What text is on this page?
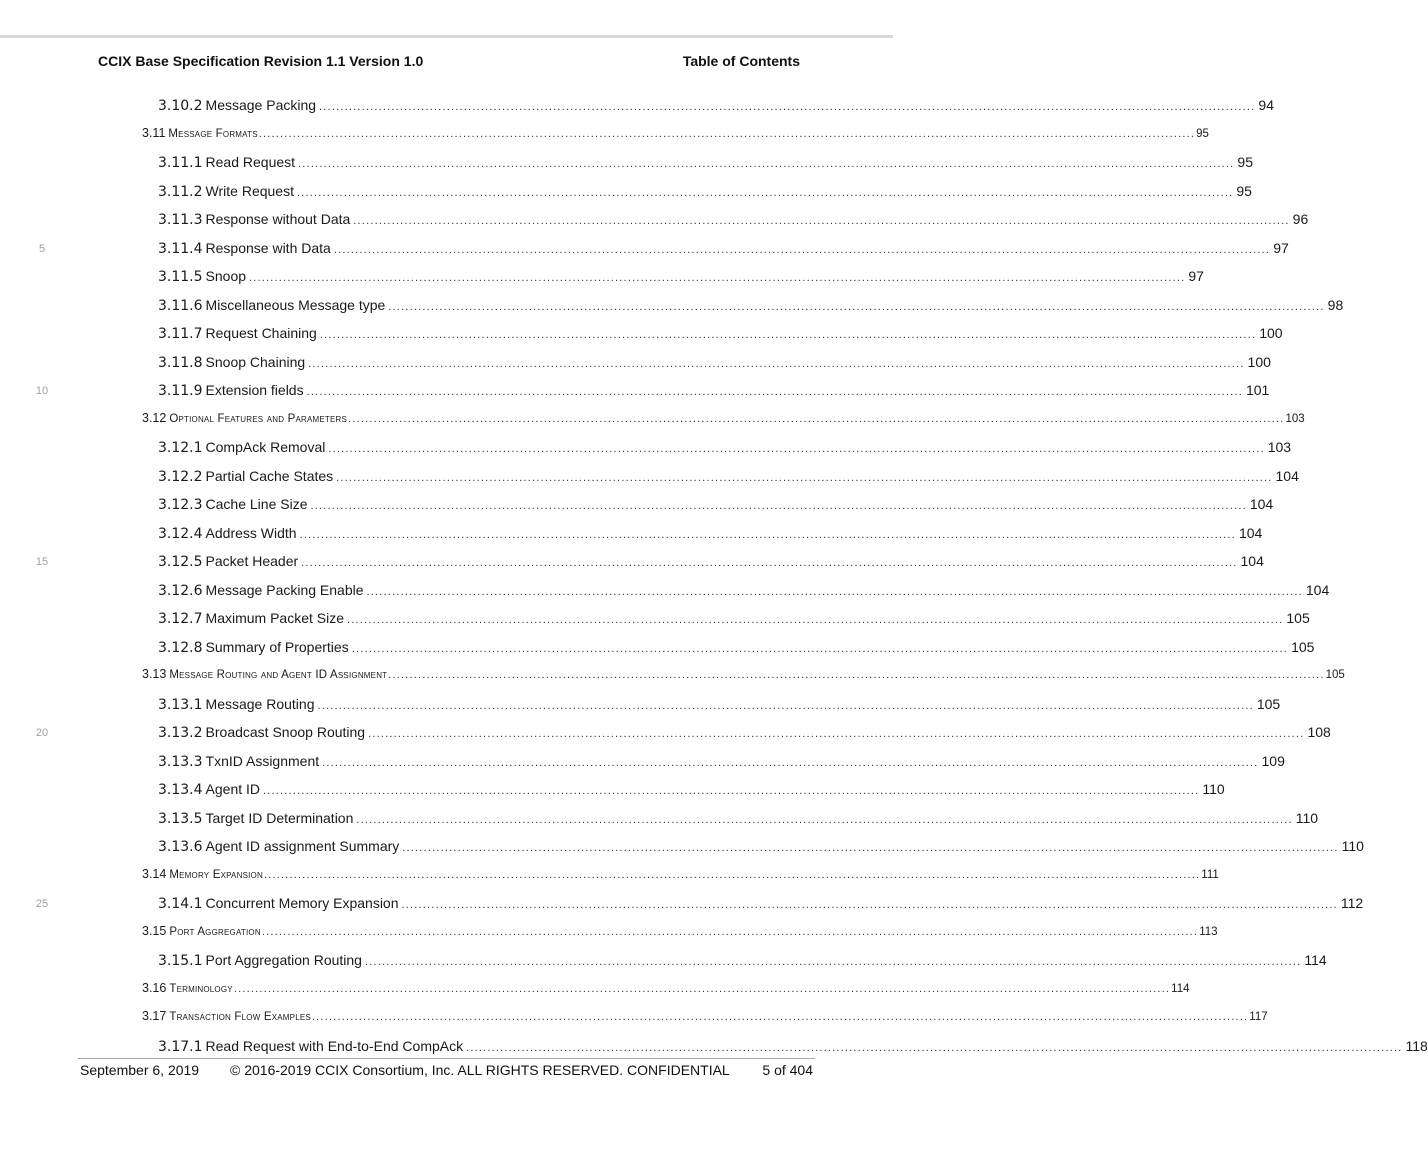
CCIX Base Specification Revision 1.1 Version 1.0	Table of Contents
3.10.2 Message Packing ............................................................................................................................................................................................................................ 94
3.11 Message Formats ............................................................................................................................................................................................................................ 95
3.11.1 Read Request ............................................................................................................................................................................................................................ 95
3.11.2 Write Request ............................................................................................................................................................................................................................ 95
3.11.3 Response without Data ............................................................................................................................................................................................................................ 96
5	3.11.4 Response with Data ............................................................................................................................................................................................................................ 97
3.11.5 Snoop ............................................................................................................................................................................................................................ 97
3.11.6 Miscellaneous Message type ............................................................................................................................................................................................................................ 98
3.11.7 Request Chaining ............................................................................................................................................................................................................................ 100
3.11.8 Snoop Chaining ............................................................................................................................................................................................................................ 100
10	3.11.9 Extension fields ............................................................................................................................................................................................................................ 101
3.12 Optional Features and Parameters ............................................................................................................................................................................................................................ 103
3.12.1 CompAck Removal ............................................................................................................................................................................................................................ 103
3.12.2 Partial Cache States ............................................................................................................................................................................................................................ 104
3.12.3 Cache Line Size ............................................................................................................................................................................................................................ 104
3.12.4 Address Width ............................................................................................................................................................................................................................ 104
15	3.12.5 Packet Header ............................................................................................................................................................................................................................ 104
3.12.6 Message Packing Enable ............................................................................................................................................................................................................................ 104
3.12.7 Maximum Packet Size ............................................................................................................................................................................................................................ 105
3.12.8 Summary of Properties ............................................................................................................................................................................................................................ 105
3.13 Message Routing and Agent ID Assignment ............................................................................................................................................................................................................................ 105
3.13.1 Message Routing ............................................................................................................................................................................................................................ 105
20	3.13.2 Broadcast Snoop Routing ............................................................................................................................................................................................................................ 108
3.13.3 TxnID Assignment ............................................................................................................................................................................................................................ 109
3.13.4 Agent ID ............................................................................................................................................................................................................................ 110
3.13.5 Target ID Determination ............................................................................................................................................................................................................................ 110
3.13.6 Agent ID assignment Summary ............................................................................................................................................................................................................................ 110
3.14 Memory Expansion ............................................................................................................................................................................................................................ 111
25	3.14.1 Concurrent Memory Expansion ............................................................................................................................................................................................................................ 112
3.15 Port Aggregation ............................................................................................................................................................................................................................ 113
3.15.1 Port Aggregation Routing ............................................................................................................................................................................................................................ 114
3.16 Terminology ............................................................................................................................................................................................................................ 114
3.17 Transaction Flow Examples ............................................................................................................................................................................................................................ 117
3.17.1 Read Request with End-to-End CompAck ............................................................................................................................................................................................................................ 118
September 6, 2019 © 2016-2019 CCIX Consortium, Inc. ALL RIGHTS RESERVED. CONFIDENTIAL 5 of 404
